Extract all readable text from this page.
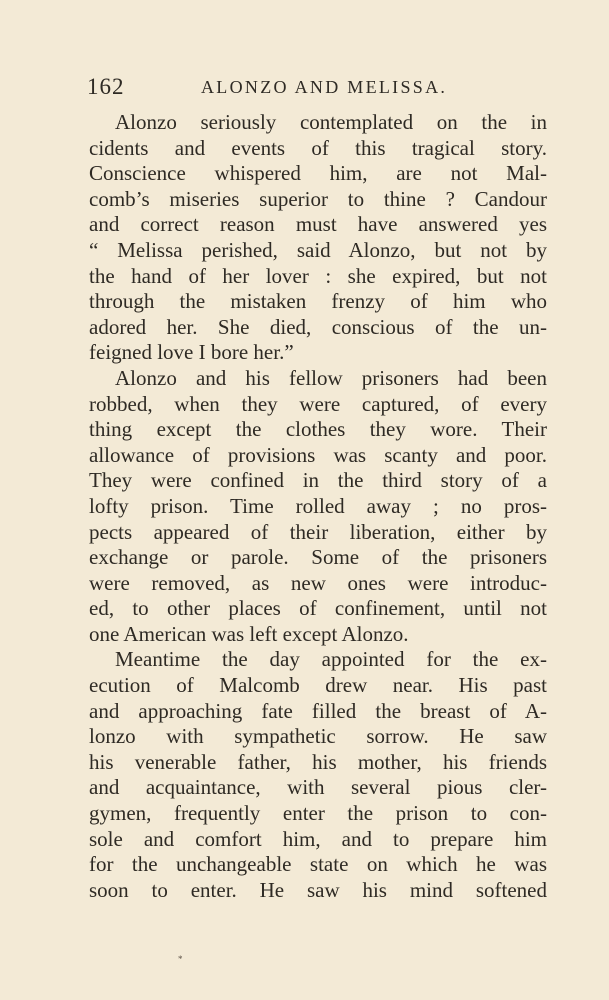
162	ALONZO AND MELISSA.
Alonzo seriously contemplated on the in
cidents and events of this tragical story.
Conscience whispered him, are not Mal-
comb’s miseries superior to thine ? Candour
and correct reason must have answered yes
“ Melissa perished, said Alonzo, but not by
the hand of her lover : she expired, but not
through the mistaken frenzy of him who
adored her. She died, conscious of the un-
feigned love I bore her.”
Alonzo and his fellow prisoners had been
robbed, when they were captured, of every
thing except the clothes they wore. Their
allowance of provisions was scanty and poor.
They were confined in the third story of a
lofty prison. Time rolled away ; no pros-
pects appeared of their liberation, either by
exchange or parole. Some of the prisoners
were removed, as new ones were introduc-
ed, to other places of confinement, until not
one American was left except Alonzo.
Meantime the day appointed for the ex-
ecution of Malcomb drew near. His past
and approaching fate filled the breast of A-
lonzo with sympathetic sorrow. He saw
his venerable father, his mother, his friends
and acquaintance, with several pious cler-
gymen, frequently enter the prison to con-
sole and comfort him, and to prepare him
for the unchangeable state on which he was
soon to enter. He saw his mind softened
*
